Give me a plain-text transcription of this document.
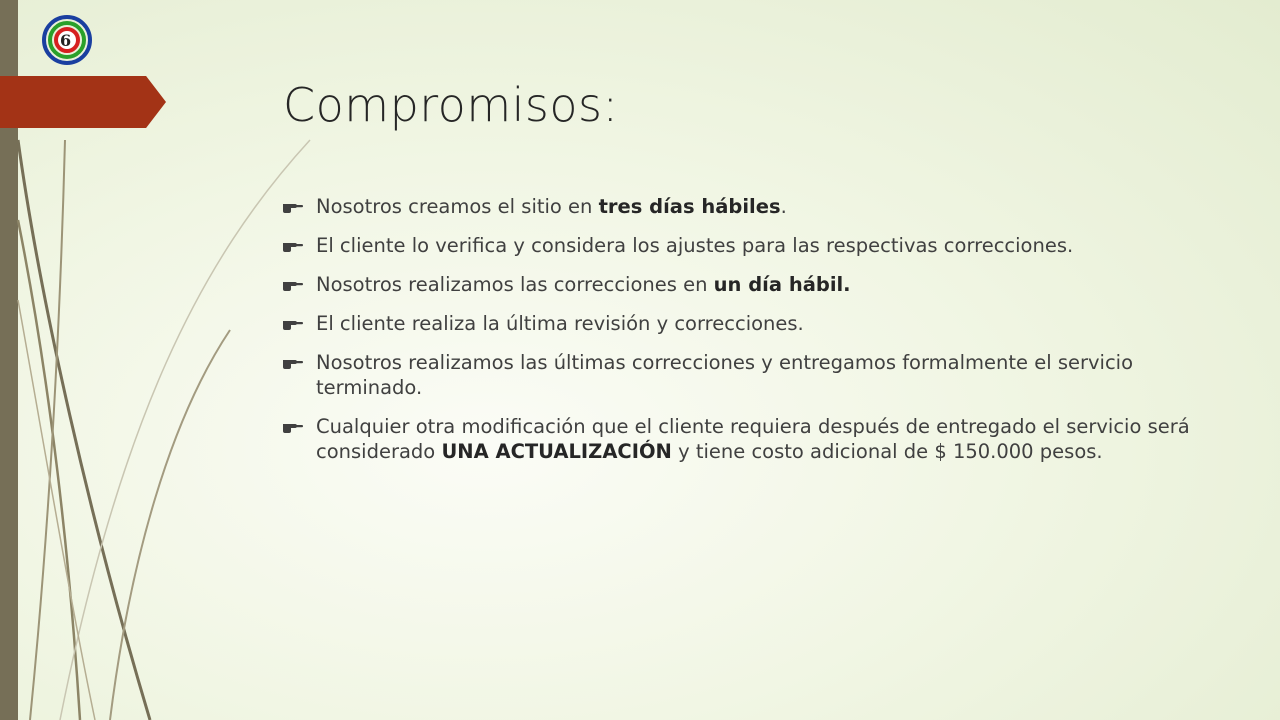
6
Compromisos:
Nosotros creamos el sitio en tres días hábiles.
El cliente lo verifica y considera los ajustes para las respectivas correcciones.
Nosotros realizamos las correcciones en un día hábil.
El cliente realiza la última revisión y correcciones.
Nosotros realizamos las últimas correcciones y entregamos formalmente el servicio terminado.
Cualquier otra modificación que el cliente requiera después de entregado el servicio será considerado UNA ACTUALIZACIÓN y tiene costo adicional de $ 150.000 pesos.
